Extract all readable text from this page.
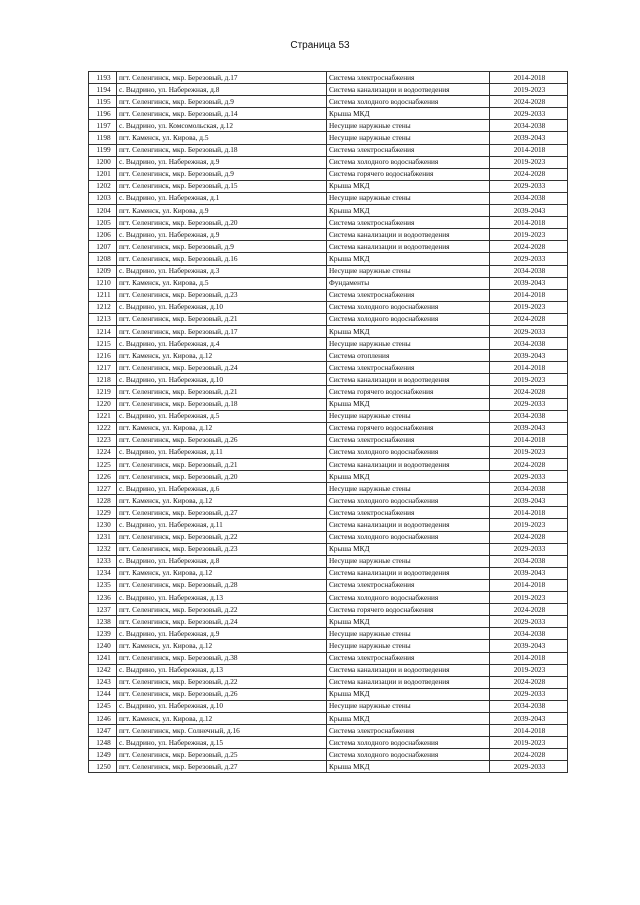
Страница 53
1193	пгт. Селенгинск, мкр. Березовый, д.17	Система электроснабжения	2014-2018
1194	с. Выдрино, ул. Набережная, д.8	Система канализации и водоотведения	2019-2023
1195	пгт. Селенгинск, мкр. Березовый, д.9	Система холодного водоснабжения	2024-2028
1196	пгт. Селенгинск, мкр. Березовый, д.14	Крыша МКД	2029-2033
1197	с. Выдрино, ул. Комсомольская, д.12	Несущие наружные стены	2034-2038
1198	пгт. Каменск, ул. Кирова, д.5	Несущие наружные стены	2039-2043
1199	пгт. Селенгинск, мкр. Березовый, д.18	Система электроснабжения	2014-2018
1200	с. Выдрино, ул. Набережная, д.9	Система холодного водоснабжения	2019-2023
1201	пгт. Селенгинск, мкр. Березовый, д.9	Система горячего водоснабжения	2024-2028
1202	пгт. Селенгинск, мкр. Березовый, д.15	Крыша МКД	2029-2033
1203	с. Выдрино, ул. Набережная, д.1	Несущие наружные стены	2034-2038
1204	пгт. Каменск, ул. Кирова, д.9	Крыша МКД	2039-2043
1205	пгт. Селенгинск, мкр. Березовый, д.20	Система электроснабжения	2014-2018
1206	с. Выдрино, ул. Набережная, д.9	Система канализации и водоотведения	2019-2023
1207	пгт. Селенгинск, мкр. Березовый, д.9	Система канализации и водоотведения	2024-2028
1208	пгт. Селенгинск, мкр. Березовый, д.16	Крыша МКД	2029-2033
1209	с. Выдрино, ул. Набережная, д.3	Несущие наружные стены	2034-2038
1210	пгт. Каменск, ул. Кирова, д.5	Фундаменты	2039-2043
1211	пгт. Селенгинск, мкр. Березовый, д.23	Система электроснабжения	2014-2018
1212	с. Выдрино, ул. Набережная, д.10	Система холодного водоснабжения	2019-2023
1213	пгт. Селенгинск, мкр. Березовый, д.21	Система холодного водоснабжения	2024-2028
1214	пгт. Селенгинск, мкр. Березовый, д.17	Крыша МКД	2029-2033
1215	с. Выдрино, ул. Набережная, д.4	Несущие наружные стены	2034-2038
1216	пгт. Каменск, ул. Кирова, д.12	Система отопления	2039-2043
1217	пгт. Селенгинск, мкр. Березовый, д.24	Система электроснабжения	2014-2018
1218	с. Выдрино, ул. Набережная, д.10	Система канализации и водоотведения	2019-2023
1219	пгт. Селенгинск, мкр. Березовый, д.21	Система горячего водоснабжения	2024-2028
1220	пгт. Селенгинск, мкр. Березовый, д.18	Крыша МКД	2029-2033
1221	с. Выдрино, ул. Набережная, д.5	Несущие наружные стены	2034-2038
1222	пгт. Каменск, ул. Кирова, д.12	Система горячего водоснабжения	2039-2043
1223	пгт. Селенгинск, мкр. Березовый, д.26	Система электроснабжения	2014-2018
1224	с. Выдрино, ул. Набережная, д.11	Система холодного водоснабжения	2019-2023
1225	пгт. Селенгинск, мкр. Березовый, д.21	Система канализации и водоотведения	2024-2028
1226	пгт. Селенгинск, мкр. Березовый, д.20	Крыша МКД	2029-2033
1227	с. Выдрино, ул. Набережная, д.6	Несущие наружные стены	2034-2038
1228	пгт. Каменск, ул. Кирова, д.12	Система холодного водоснабжения	2039-2043
1229	пгт. Селенгинск, мкр. Березовый, д.27	Система электроснабжения	2014-2018
1230	с. Выдрино, ул. Набережная, д.11	Система канализации и водоотведения	2019-2023
1231	пгт. Селенгинск, мкр. Березовый, д.22	Система холодного водоснабжения	2024-2028
1232	пгт. Селенгинск, мкр. Березовый, д.23	Крыша МКД	2029-2033
1233	с. Выдрино, ул. Набережная, д.8	Несущие наружные стены	2034-2038
1234	пгт. Каменск, ул. Кирова, д.12	Система канализации и водоотведения	2039-2043
1235	пгт. Селенгинск, мкр. Березовый, д.28	Система электроснабжения	2014-2018
1236	с. Выдрино, ул. Набережная, д.13	Система холодного водоснабжения	2019-2023
1237	пгт. Селенгинск, мкр. Березовый, д.22	Система горячего водоснабжения	2024-2028
1238	пгт. Селенгинск, мкр. Березовый, д.24	Крыша МКД	2029-2033
1239	с. Выдрино, ул. Набережная, д.9	Несущие наружные стены	2034-2038
1240	пгт. Каменск, ул. Кирова, д.12	Несущие наружные стены	2039-2043
1241	пгт. Селенгинск, мкр. Березовый, д.38	Система электроснабжения	2014-2018
1242	с. Выдрино, ул. Набережная, д.13	Система канализации и водоотведения	2019-2023
1243	пгт. Селенгинск, мкр. Березовый, д.22	Система канализации и водоотведения	2024-2028
1244	пгт. Селенгинск, мкр. Березовый, д.26	Крыша МКД	2029-2033
1245	с. Выдрино, ул. Набережная, д.10	Несущие наружные стены	2034-2038
1246	пгт. Каменск, ул. Кирова, д.12	Крыша МКД	2039-2043
1247	пгт. Селенгинск, мкр. Солнечный, д.16	Система электроснабжения	2014-2018
1248	с. Выдрино, ул. Набережная, д.15	Система холодного водоснабжения	2019-2023
1249	пгт. Селенгинск, мкр. Березовый, д.25	Система холодного водоснабжения	2024-2028
1250	пгт. Селенгинск, мкр. Березовый, д.27	Крыша МКД	2029-2033
